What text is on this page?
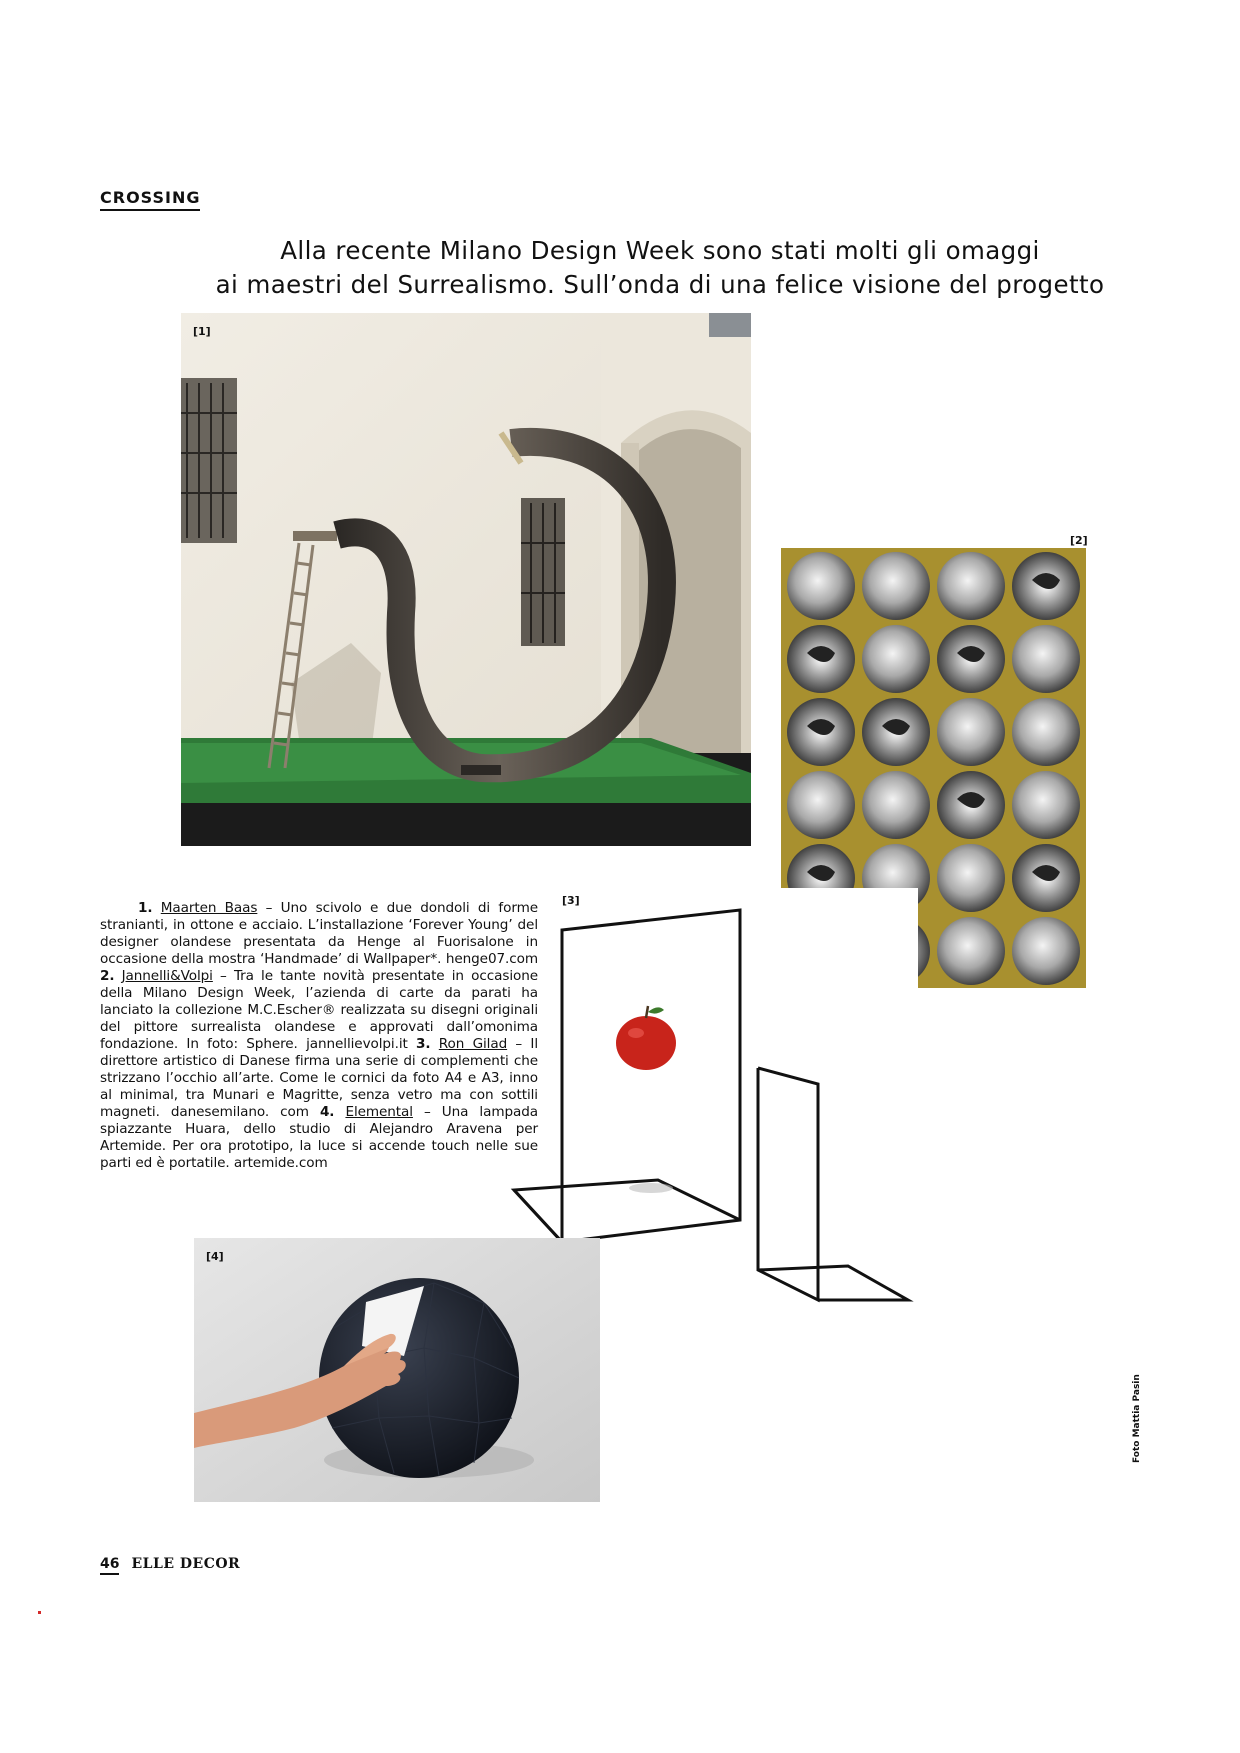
CROSSING
Alla recente Milano Design Week sono stati molti gli omaggi
ai maestri del Surrealismo. Sull’onda di una felice visione del progetto
[1]
[2]
[3]
1. Maarten Baas – Uno scivolo e due dondoli di forme stranianti, in ottone e acciaio. L’installazione ‘Forever Young’ del designer olandese presentata da Henge al Fuorisalone in occasione della mostra ‘Handmade’ di Wallpaper*. henge07.com 2. Jannelli&Volpi – Tra le tante novità presentate in occasione della Milano Design Week, l’azienda di carte da parati ha lanciato la collezione M.C.Escher® realizzata su disegni originali del pittore surrealista olandese e approvati dall’omonima fondazione. In foto: Sphere. jannellievolpi.it 3. Ron Gilad – Il direttore artistico di Danese firma una serie di complementi che strizzano l’occhio all’arte. Come le cornici da foto A4 e A3, inno al minimal, tra Munari e Magritte, senza vetro ma con sottili magneti. danesemilano. com 4. Elemental – Una lampada spiazzante Huara, dello studio di Alejandro Aravena per Artemide. Per ora prototipo, la luce si accende touch nelle sue parti ed è portatile. artemide.com
[4]
Foto Mattia Pasin
46 ELLE DECOR
